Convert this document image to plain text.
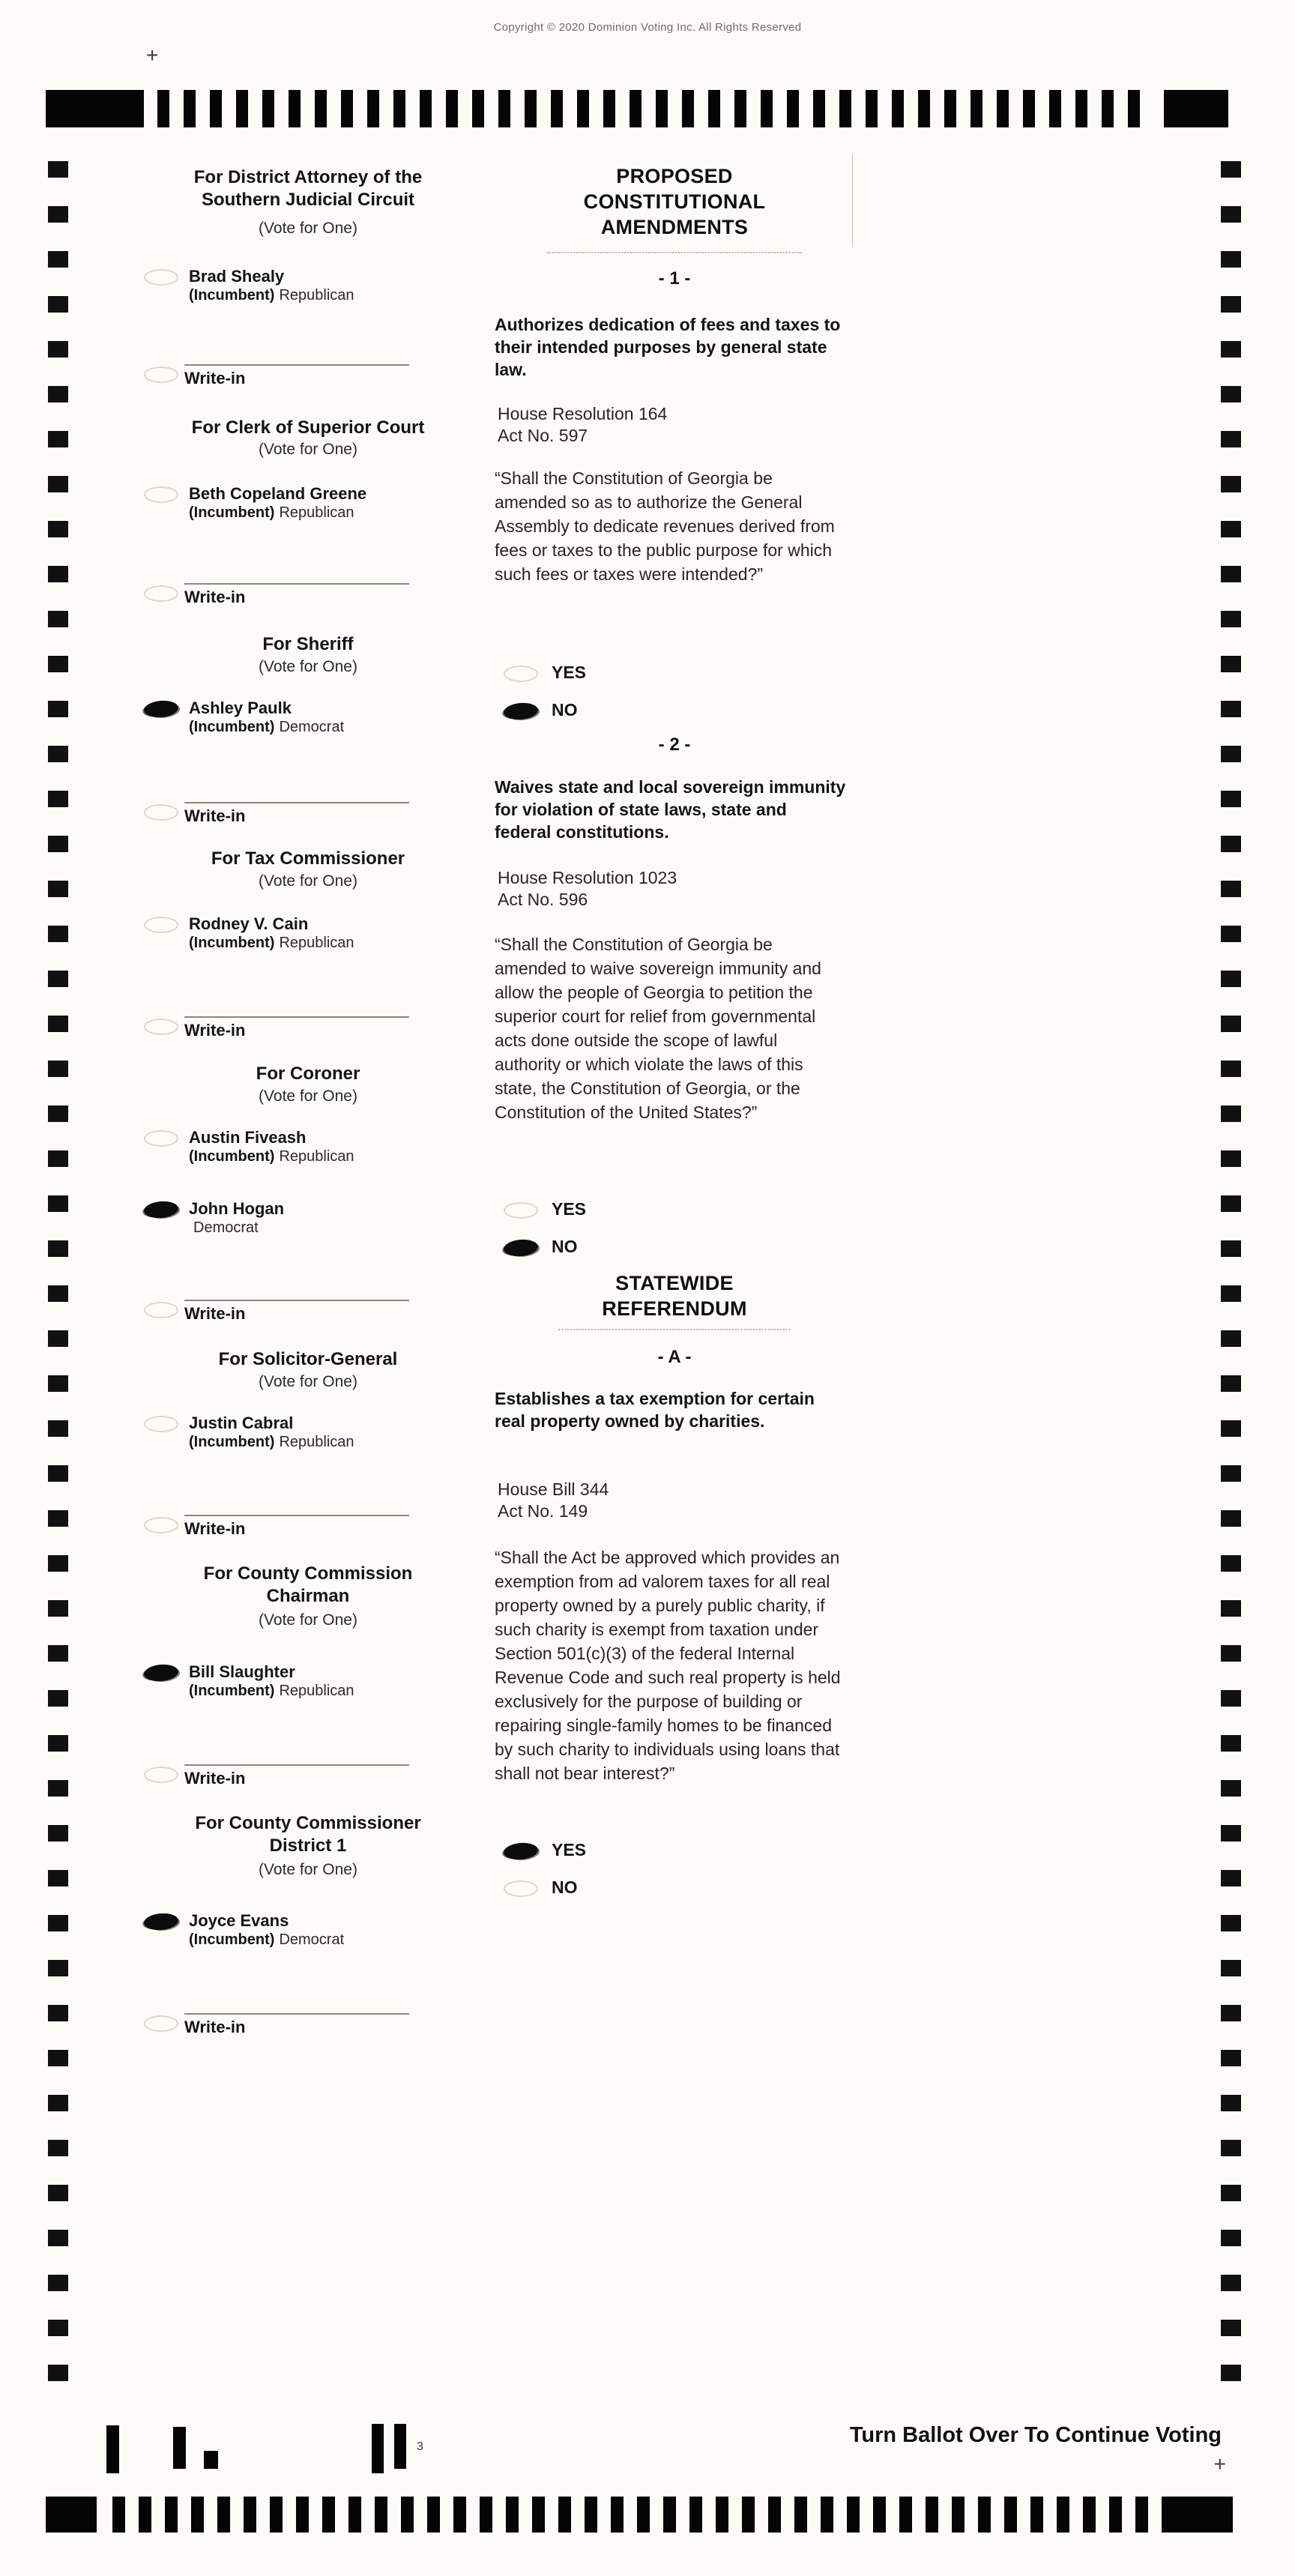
Copyright © 2020 Dominion Voting Inc. All Rights Reserved
+
For District Attorney of the Southern Judicial Circuit
(Vote for One)
Brad Shealy
(Incumbent) Republican
Write-in
For Clerk of Superior Court
(Vote for One)
Beth Copeland Greene
(Incumbent) Republican
Write-in
For Sheriff
(Vote for One)
Ashley Paulk
(Incumbent) Democrat
Write-in
For Tax Commissioner
(Vote for One)
Rodney V. Cain
(Incumbent) Republican
Write-in
For Coroner
(Vote for One)
Austin Fiveash
(Incumbent) Republican
John Hogan
Democrat
Write-in
For Solicitor-General
(Vote for One)
Justin Cabral
(Incumbent) Republican
Write-in
For County Commission Chairman
(Vote for One)
Bill Slaughter
(Incumbent) Republican
Write-in
For County Commissioner District 1
(Vote for One)
Joyce Evans
(Incumbent) Democrat
Write-in
PROPOSED CONSTITUTIONAL AMENDMENTS
- 1 -
Authorizes dedication of fees and taxes to their intended purposes by general state law.
House Resolution 164
Act No. 597
“Shall the Constitution of Georgia be amended so as to authorize the General Assembly to dedicate revenues derived from fees or taxes to the public purpose for which such fees or taxes were intended?”
YES
NO
- 2 -
Waives state and local sovereign immunity for violation of state laws, state and federal constitutions.
House Resolution 1023
Act No. 596
“Shall the Constitution of Georgia be amended to waive sovereign immunity and allow the people of Georgia to petition the superior court for relief from governmental acts done outside the scope of lawful authority or which violate the laws of this state, the Constitution of Georgia, or the Constitution of the United States?”
YES
NO
STATEWIDE REFERENDUM
- A -
Establishes a tax exemption for certain real property owned by charities.
House Bill 344
Act No. 149
“Shall the Act be approved which provides an exemption from ad valorem taxes for all real property owned by a purely public charity, if such charity is exempt from taxation under Section 501(c)(3) of the federal Internal Revenue Code and such real property is held exclusively for the purpose of building or repairing single-family homes to be financed by such charity to individuals using loans that shall not bear interest?”
YES
NO
3	Turn Ballot Over To Continue Voting
+
